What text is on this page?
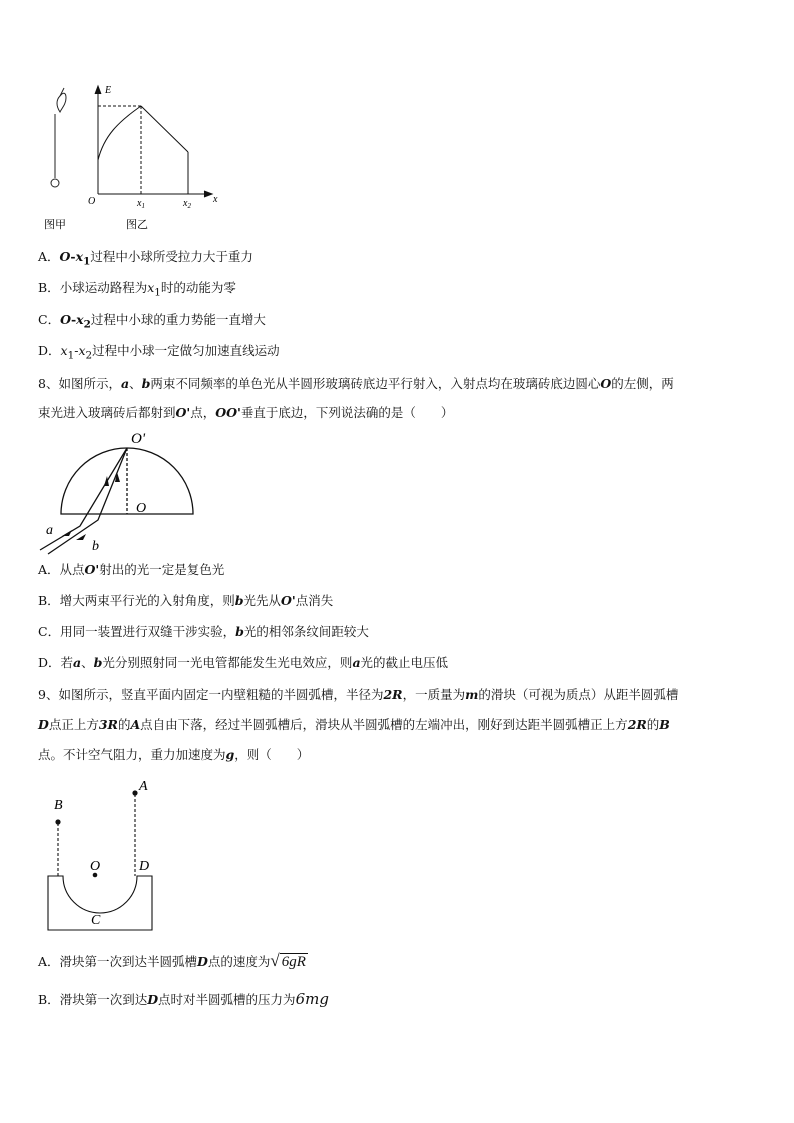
E
x
O	$x_1$	$x_2$
图甲	图乙
A．$O-x_1$过程中小球所受拉力大于重力
B．小球运动路程为$x_1$时的动能为零
C．$O-x_2$过程中小球的重力势能一直增大
D．$x_1-x_2$过程中小球一定做匀加速直线运动
8、如图所示，a、b两束不同频率的单色光从半圆形玻璃砖底边平行射入，入射点均在玻璃砖底边圆心O的左侧，两
束光进入玻璃砖后都射到O'点，OO'垂直于底边，下列说法确的是（　　）
O'
O
a
b
A．从点O'射出的光一定是复色光
B．增大两束平行光的入射角度，则b光先从O'点消失
C．用同一装置进行双缝干涉实验，b光的相邻条纹间距较大
D．若a、b光分别照射同一光电管都能发生光电效应，则a光的截止电压低
9、如图所示，竖直平面内固定一内壁粗糙的半圆弧槽，半径为2R，一质量为m的滑块（可视为质点）从距半圆弧槽
D点正上方3R的A点自由下落，经过半圆弧槽后，滑块从半圆弧槽的左端冲出，刚好到达距半圆弧槽正上方2R的B
点。不计空气阻力，重力加速度为g，则（　　）
B
A
O	D
C
A．滑块第一次到达半圆弧槽D点的速度为√ 6gR
B．滑块第一次到达D点时对半圆弧槽的压力为6mg
